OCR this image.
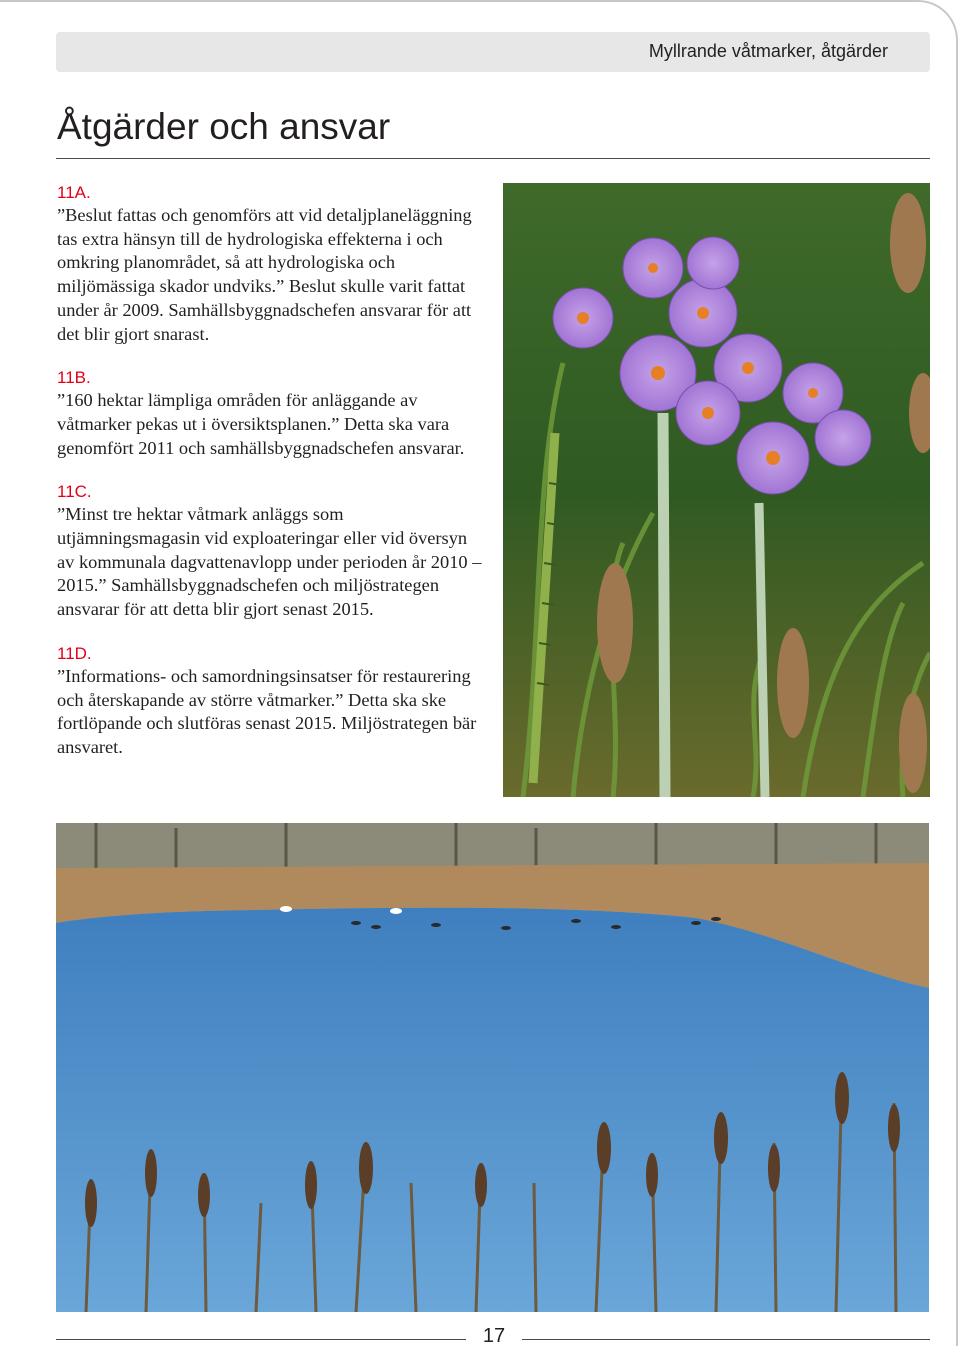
Myllrande våtmarker, åtgärder
Åtgärder och ansvar
11A.
”Beslut fattas och genomförs att vid detaljplaneläggning tas extra hänsyn till de hydrologiska effekterna i och omkring planområdet, så att hydrologiska och miljömässiga skador undviks.” Beslut skulle varit fattat under år 2009. Samhällsbyggnadschefen ansvarar för att det blir gjort snarast.
11B.
”160 hektar lämpliga områden för anläggande av våtmarker pekas ut i översiktsplanen.” Detta ska vara genomfört 2011 och samhällsbyggnadschefen ansvarar.
11C.
”Minst tre hektar våtmark anläggs som utjämningsmagasin vid exploateringar eller vid översyn av kommunala dagvattenavlopp under perioden år 2010 – 2015.” Samhällsbyggnadschefen och miljöstrategen ansvarar för att detta blir gjort senast 2015.
11D.
”Informations- och samordningsinsatser för restaurering och återskapande av större våtmarker.” Detta ska ske fortlöpande och slutföras senast 2015. Miljöstrategen bär ansvaret.
17
